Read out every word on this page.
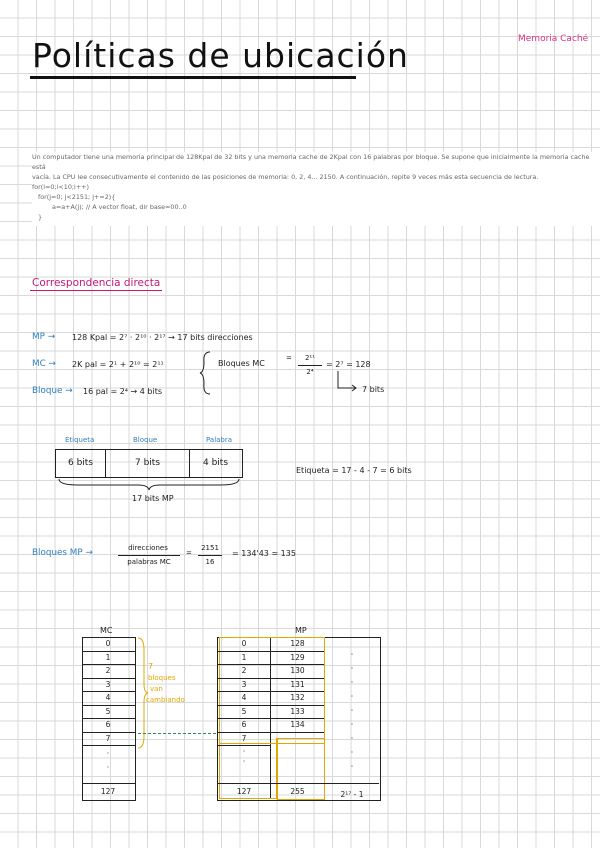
Memoria Caché
Políticas de ubicación

Un computador tiene una memoria principal de 128Kpal de 32 bits y una memoria cache de 2Kpal con 16 palabras por bloque. Se supone que inicialmente la memoria cache está

vacía. La CPU lee consecutivamente el contenido de las posiciones de memoria: 0, 2, 4... 2150. A continuación, repite 9 veces más esta secuencia de lectura.

for(i=0;i<10;i++)

for(j=0; j<2151; j+=2){

a=a+A(j); // A vector float, dir base=00..0

}

Correspondencia directa
MP → 128 Kpal = 2⁷ · 2¹⁰ · 2¹⁷ → 17 bits direcciones
MC → 2K pal = 2¹ + 2¹⁰ = 2¹¹
Bloque → 16 pal = 2⁴ → 4 bits
Bloques MC
=	2¹¹
2⁴
= 2⁷ = 128
7 bits
Etiqueta	Bloque	Palabra
6 bits	7 bits	4 bits
17 bits MP
Etiqueta = 17 - 4 - 7 = 6 bits
Bloques MP →	direcciones
palabras MC
=
2151
16
= 134'43 ≃ 135
MC
0
1
2
3
4
5
6
7
·
·
127
7
bloques
van
cambiando
MP
0	128
1	129
2	130
3	131
4	132
5	133
6	134
7
127	255
·
·
·
·
·
·
·
·
·
·
·
2¹⁷ - 1
